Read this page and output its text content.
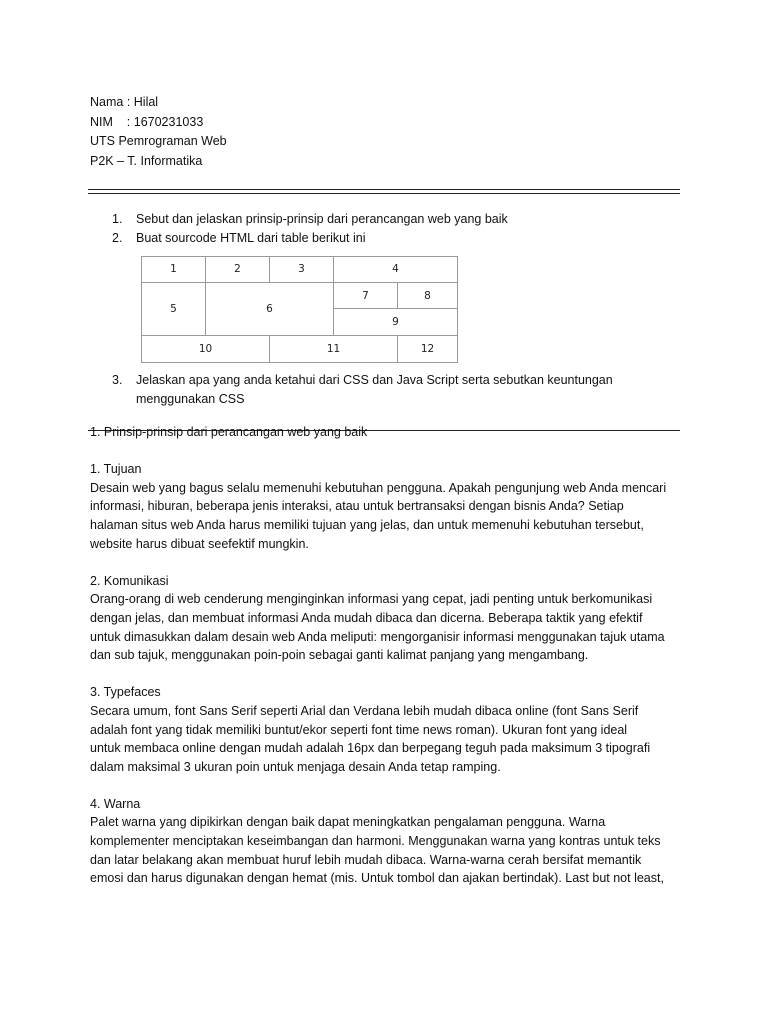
Nama : Hilal
NIM    : 1670231033
UTS Pemrograman Web
P2K – T. Informatika
1. Sebut dan jelaskan prinsip-prinsip dari perancangan web yang baik
2. Buat sourcode HTML dari table berikut ini
1	2	3	4	
5	6		7	8
			9	
10		11		12
3. Jelaskan apa yang anda ketahui dari CSS dan Java Script serta sebutkan keuntungan menggunakan CSS

1. Prinsip-prinsip dari perancangan web yang baik

1. Tujuan

Desain web yang bagus selalu memenuhi kebutuhan pengguna. Apakah pengunjung web Anda mencari

informasi, hiburan, beberapa jenis interaksi, atau untuk bertransaksi dengan bisnis Anda? Setiap

halaman situs web Anda harus memiliki tujuan yang jelas, dan untuk memenuhi kebutuhan tersebut,

website harus dibuat seefektif mungkin.

2. Komunikasi

Orang-orang di web cenderung menginginkan informasi yang cepat, jadi penting untuk berkomunikasi

dengan jelas, dan membuat informasi Anda mudah dibaca dan dicerna. Beberapa taktik yang efektif

untuk dimasukkan dalam desain web Anda meliputi: mengorganisir informasi menggunakan tajuk utama

dan sub tajuk, menggunakan poin-poin sebagai ganti kalimat panjang yang mengambang.

3. Typefaces

Secara umum, font Sans Serif seperti Arial dan Verdana lebih mudah dibaca online (font Sans Serif

adalah font yang tidak memiliki buntut/ekor seperti font time news roman). Ukuran font yang ideal

untuk membaca online dengan mudah adalah 16px dan berpegang teguh pada maksimum 3 tipografi

dalam maksimal 3 ukuran poin untuk menjaga desain Anda tetap ramping.

4. Warna

Palet warna yang dipikirkan dengan baik dapat meningkatkan pengalaman pengguna. Warna

komplementer menciptakan keseimbangan dan harmoni. Menggunakan warna yang kontras untuk teks

dan latar belakang akan membuat huruf lebih mudah dibaca. Warna-warna cerah bersifat memantik

emosi dan harus digunakan dengan hemat (mis. Untuk tombol dan ajakan bertindak). Last but not least,
